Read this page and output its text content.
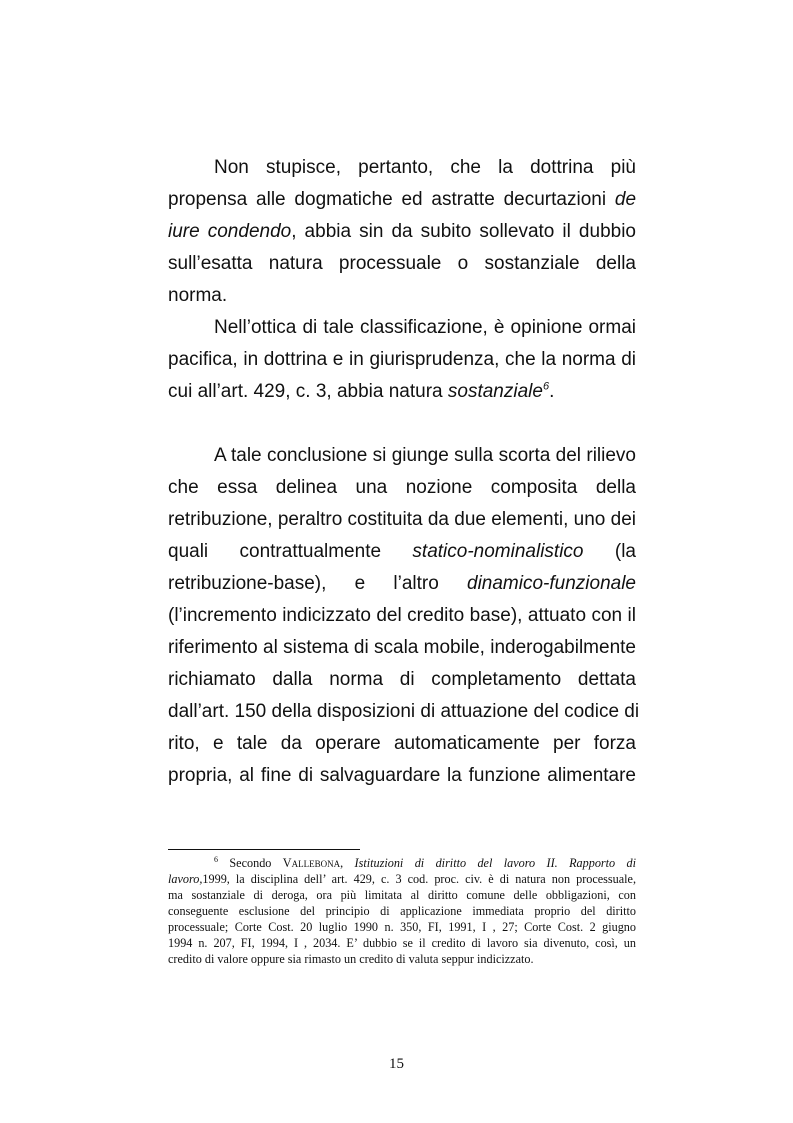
Non stupisce, pertanto, che la dottrina più
propensa alle dogmatiche ed astratte decurtazioni de
iure condendo, abbia sin da subito sollevato il dubbio
sull’esatta natura processuale o sostanziale della
norma.
Nell’ottica di tale classificazione, è opinione ormai
pacifica, in dottrina e in giurisprudenza, che la norma di
cui all’art. 429, c. 3, abbia natura sostanziale$^6$.
A tale conclusione si giunge sulla scorta del rilievo
che essa delinea una nozione composita della
retribuzione, peraltro costituita da due elementi, uno dei
quali contrattualmente statico-nominalistico (la
retribuzione-base), e l’altro dinamico-funzionale
(l’incremento indicizzato del credito base), attuato con il
riferimento al sistema di scala mobile, inderogabilmente
richiamato dalla norma di completamento dettata
dall’art. 150 della disposizioni di attuazione del codice di
rito, e tale da operare automaticamente per forza
propria, al fine di salvaguardare la funzione alimentare
$^6$ Secondo Vallebona, Istituzioni di diritto del lavoro II. Rapporto di
lavoro,1999, la disciplina dell’ art. 429, c. 3 cod. proc. civ. è di natura non processuale,
ma sostanziale di deroga, ora più limitata al diritto comune delle obbligazioni, con
conseguente esclusione del principio di applicazione immediata proprio del diritto
processuale; Corte Cost. 20 luglio 1990 n. 350, FI, 1991, I , 27; Corte Cost. 2 giugno
1994 n. 207, FI, 1994, I , 2034. E’ dubbio se il credito di lavoro sia divenuto, così, un
credito di valore oppure sia rimasto un credito di valuta seppur indicizzato.
15
